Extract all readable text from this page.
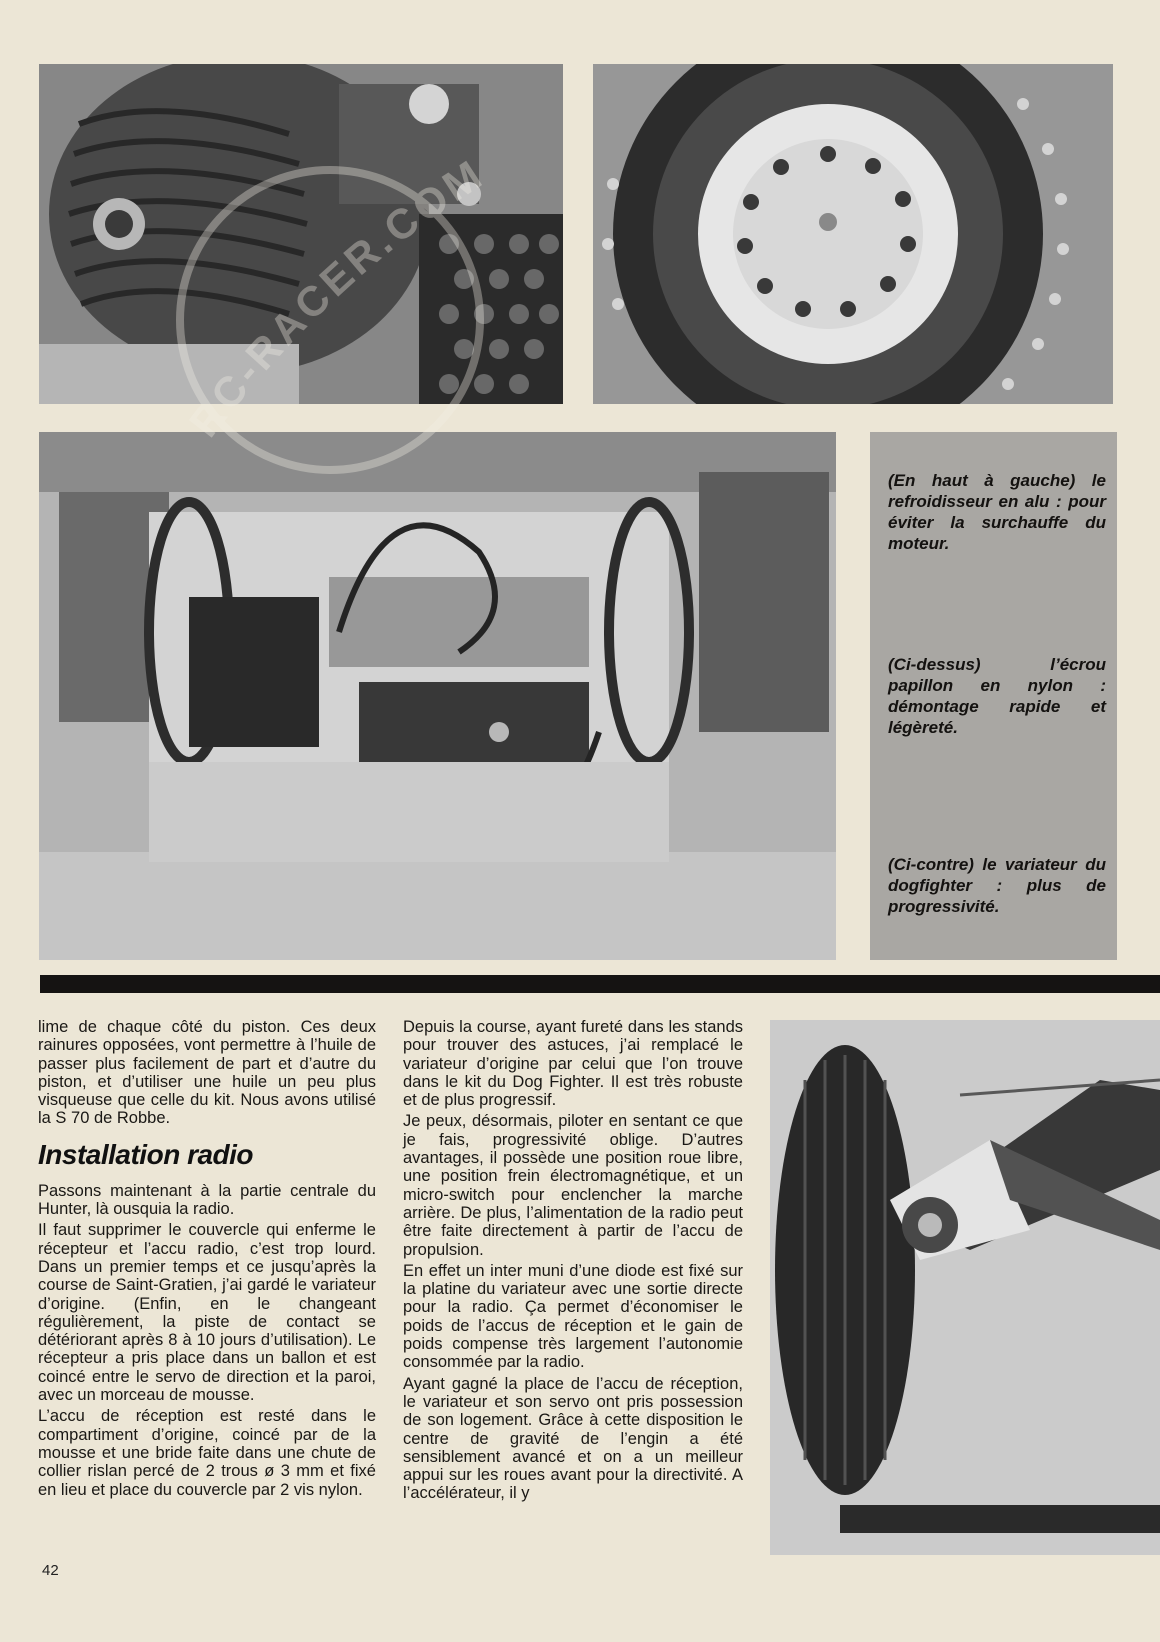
RC-RACER.COM
(En haut à gauche) le refroidisseur en alu : pour éviter la surchauffe du moteur.
(Ci-dessus) l’écrou papillon en nylon : démontage rapide et légèreté.
(Ci-contre) le variateur du dogfighter : plus de progressivité.

lime de chaque côté du piston. Ces deux rainures opposées, vont permettre à l’huile de passer plus facilement de part et d’autre du piston, et d’utiliser une huile un peu plus visqueuse que celle du kit. Nous avons utilisé la S 70 de Robbe.

Installation radio

Passons maintenant à la partie centrale du Hunter, là ousquia la radio.

Il faut supprimer le couvercle qui enferme le récepteur et l’accu radio, c’est trop lourd. Dans un premier temps et ce jusqu’après la course de Saint-Gratien, j’ai gardé le variateur d’origine. (Enfin, en le changeant régulièrement, la piste de contact se détériorant après 8 à 10 jours d’utilisation). Le récepteur a pris place dans un ballon et est coincé entre le servo de direction et la paroi, avec un morceau de mousse.

L’accu de réception est resté dans le compartiment d’origine, coincé par de la mousse et une bride faite dans une chute de collier rislan percé de 2 trous ø 3 mm et fixé en lieu et place du couvercle par 2 vis nylon.

Depuis la course, ayant fureté dans les stands pour trouver des astuces, j’ai remplacé le variateur d’origine par celui que l’on trouve dans le kit du Dog Fighter. Il est très robuste et de plus progressif.

Je peux, désormais, piloter en sentant ce que je fais, progressivité oblige. D’autres avantages, il possède une position roue libre, une position frein électromagnétique, et un micro-switch pour enclencher la marche arrière. De plus, l’alimentation de la radio peut être faite directement à partir de l’accu de propulsion.

En effet un inter muni d’une diode est fixé sur la platine du variateur avec une sortie directe pour la radio. Ça permet d’économiser le poids de l’accus de réception et le gain de poids compense très largement l’autonomie consommée par la radio.

Ayant gagné la place de l’accu de réception, le variateur et son servo ont pris possession de son logement. Grâce à cette disposition le centre de gravité de l’engin a été sensiblement avancé et on a un meilleur appui sur les roues avant pour la directivité. A l’accélérateur, il y

42
